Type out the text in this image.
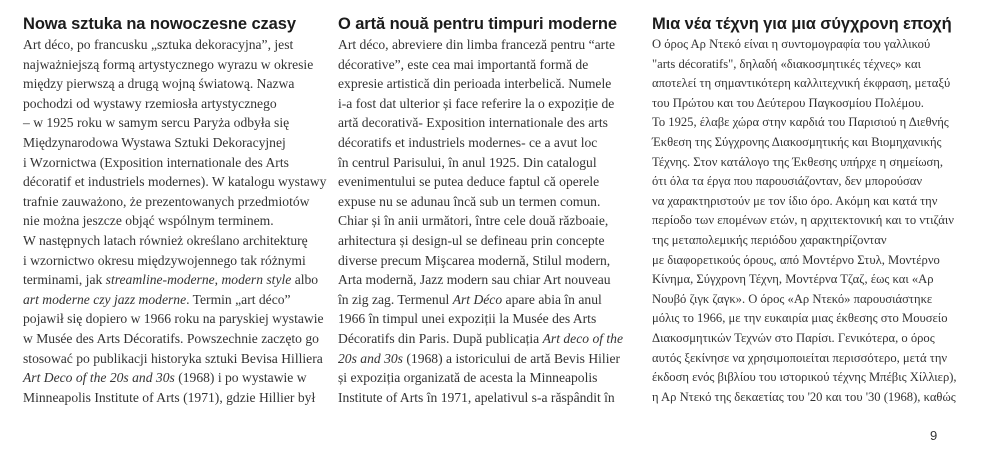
Nowa sztuka na nowoczesne czasy
Art déco, po francusku „sztuka dekoracyjna”, jest
najważniejszą formą artystycznego wyrazu w okresie
między pierwszą a drugą wojną światową. Nazwa
pochodzi od wystawy rzemiosła artystycznego
– w 1925 roku w samym sercu Paryża odbyła się
Międzynarodowa Wystawa Sztuki Dekoracyjnej
i Wzornictwa (Exposition internationale des Arts
décoratif et industriels modernes). W katalogu wystawy
trafnie zauważono, że prezentowanych przedmiotów
nie można jeszcze objąć wspólnym terminem.
W następnych latach również określano architekturę
i wzornictwo okresu międzywojennego tak różnymi
terminami, jak streamline-moderne, modern style albo
art moderne czy jazz moderne. Termin „art déco”
pojawił się dopiero w 1966 roku na paryskiej wystawie
w Musée des Arts Décoratifs. Powszechnie zaczęto go
stosować po publikacji historyka sztuki Bevisa Hilliera
Art Deco of the 20s and 30s (1968) i po wystawie w
Minneapolis Institute of Arts (1971), gdzie Hillier był
O artă nouă pentru timpuri moderne
Art déco, abreviere din limba franceză pentru “arte
décorative”, este cea mai importantă formă de
expresie artistică din perioada interbelică. Numele
i-a fost dat ulterior și face referire la o expoziție de
artă decorativă- Exposition internationale des arts
décoratifs et industriels modernes- ce a avut loc
în centrul Parisului, în anul 1925. Din catalogul
evenimentului se putea deduce faptul că operele
expuse nu se adunau încă sub un termen comun.
Chiar și în anii următori, între cele două războaie,
arhitectura și design-ul se defineau prin concepte
diverse precum Mişcarea modernă, Stilul modern,
Arta modernă, Jazz modern sau chiar Art nouveau
în zig zag. Termenul Art Déco apare abia în anul
1966 în timpul unei expoziții la Musée des Arts
Décoratifs din Paris. După publicația Art deco of the
20s and 30s (1968) a istoricului de artă Bevis Hilier
și expoziția organizată de acesta la Minneapolis
Institute of Arts în 1971, apelativul s-a răspândit în
Μια νέα τέχνη για μια σύγχρονη εποχή
Ο όρος Αρ Ντεκό είναι η συντομογραφία του γαλλικού
"arts décoratifs", δηλαδή «διακοσμητικές τέχνες» και
αποτελεί τη σημαντικότερη καλλιτεχνική έκφραση, μεταξύ
του Πρώτου και του Δεύτερου Παγκοσμίου Πολέμου.
Το 1925, έλαβε χώρα στην καρδιά του Παρισιού η Διεθνής
Έκθεση της Σύγχρονης Διακοσμητικής και Βιομηχανικής
Τέχνης. Στον κατάλογο της Έκθεσης υπήρχε η σημείωση,
ότι όλα τα έργα που παρουσιάζονταν, δεν μπορούσαν
να χαρακτηριστούν με τον ίδιο όρο. Ακόμη και κατά την
περίοδο των επομένων ετών, η αρχιτεκτονική και το ντιζάιν
της μεταπολεμικής περιόδου χαρακτηρίζονταν
με διαφορετικούς όρους, από Μοντέρνο Στυλ, Μοντέρνο
Κίνημα, Σύγχρονη Τέχνη, Μοντέρνα Τζαζ, έως και «Αρ
Νουβό ζιγκ ζαγκ». Ο όρος «Αρ Ντεκό» παρουσιάστηκε
μόλις το 1966, με την ευκαιρία μιας έκθεσης στο Μουσείο
Διακοσμητικών Τεχνών στο Παρίσι. Γενικότερα, ο όρος
αυτός ξεκίνησε να χρησιμοποιείται περισσότερο, μετά την
έκδοση ενός βιβλίου του ιστορικού τέχνης Μπέβις Χίλλιερ),
η Αρ Ντεκό της δεκαετίας του '20 και του '30 (1968), καθώς
9
